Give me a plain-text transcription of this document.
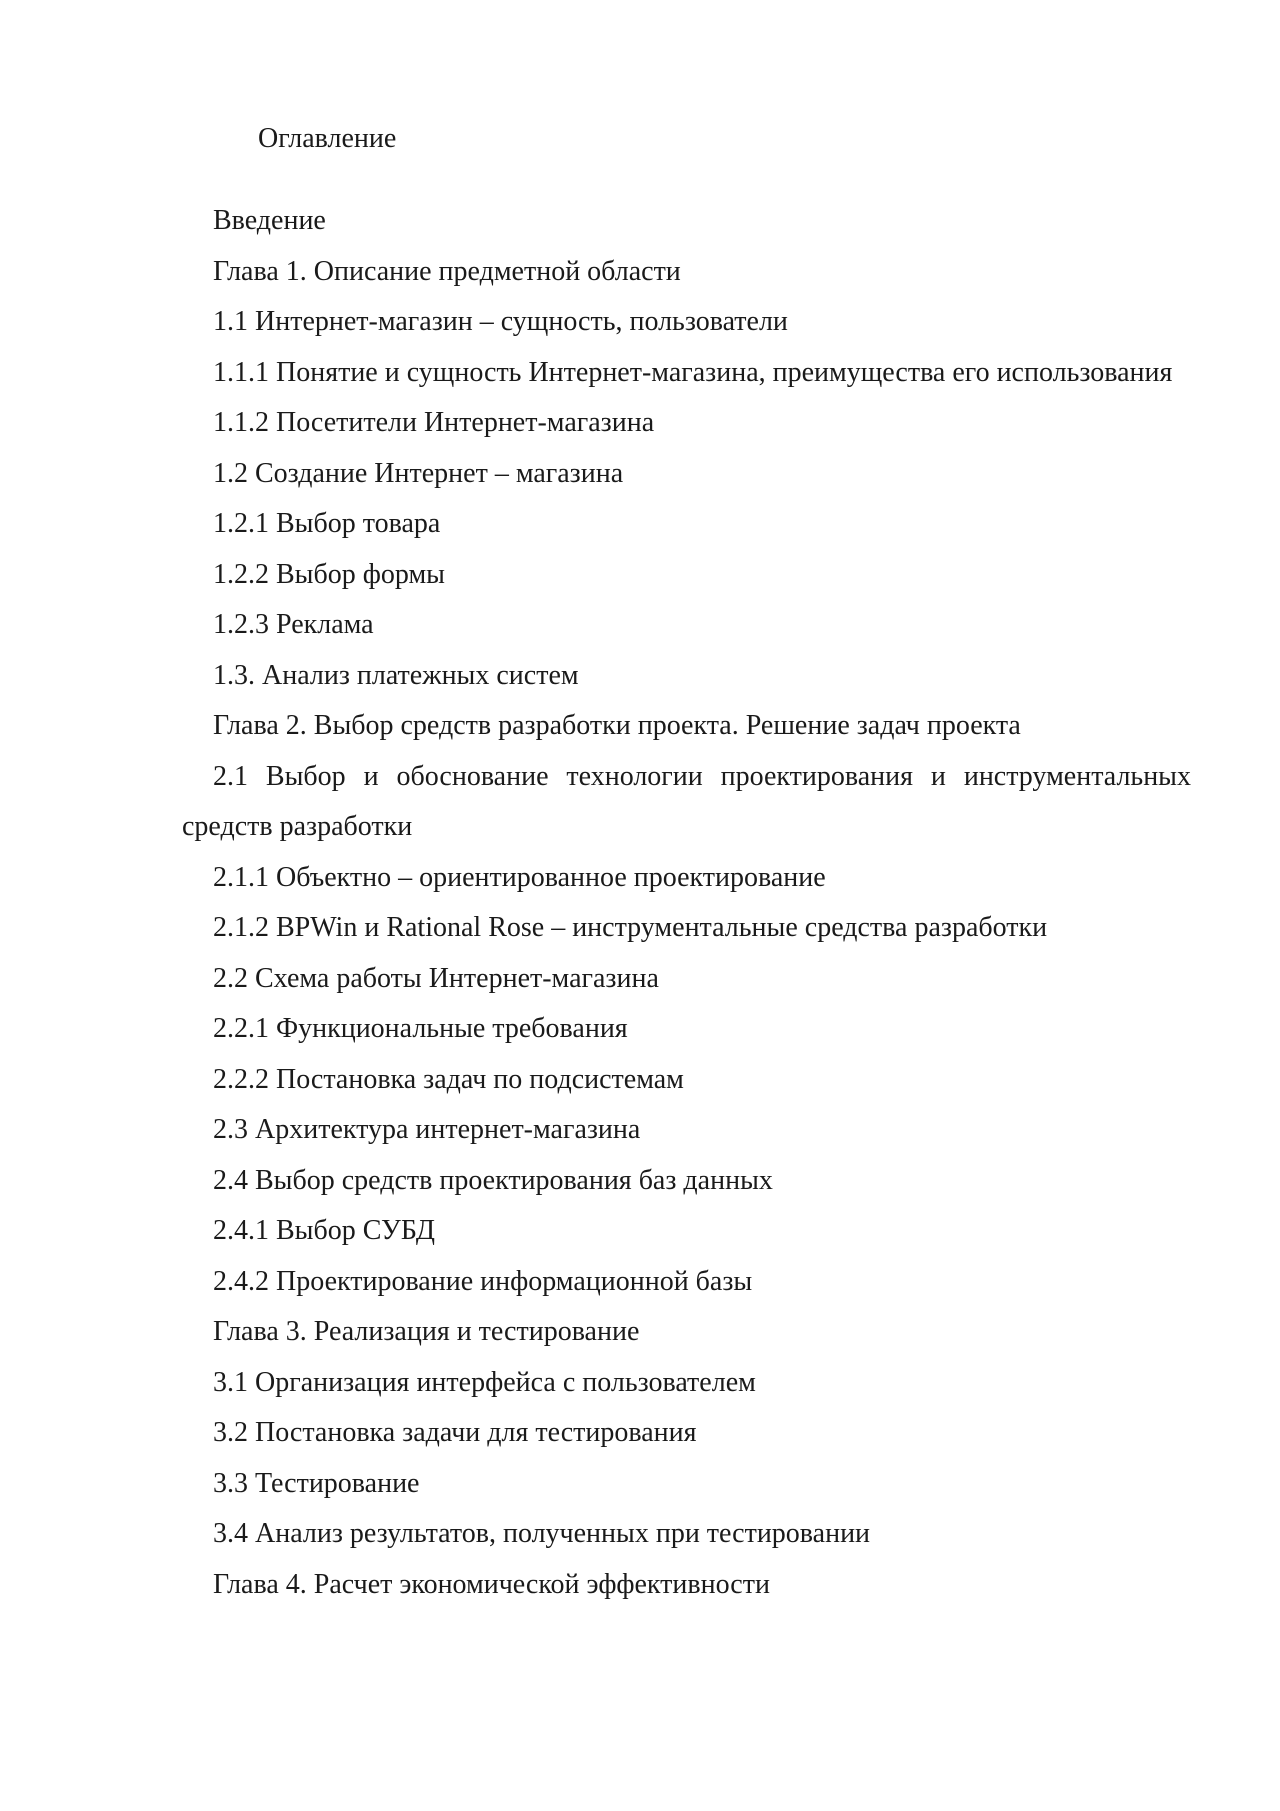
Оглавление
Введение
Глава 1. Описание предметной области
1.1 Интернет-магазин – сущность, пользователи
1.1.1 Понятие и сущность Интернет-магазина, преимущества его использования
1.1.2 Посетители Интернет-магазина
1.2 Создание Интернет – магазина
1.2.1 Выбор товара
1.2.2 Выбор формы
1.2.3 Реклама
1.3. Анализ платежных систем
Глава 2. Выбор средств разработки проекта. Решение задач проекта
2.1 Выбор и обоснование технологии проектирования и инструментальных средств разработки
2.1.1 Объектно – ориентированное проектирование
2.1.2 BPWin и Rational Rose – инструментальные средства разработки
2.2 Схема работы Интернет-магазина
2.2.1 Функциональные требования
2.2.2 Постановка задач по подсистемам
2.3 Архитектура интернет-магазина
2.4 Выбор средств проектирования баз данных
2.4.1 Выбор СУБД
2.4.2 Проектирование информационной базы
Глава 3. Реализация и тестирование
3.1 Организация интерфейса с пользователем
3.2 Постановка задачи для тестирования
3.3 Тестирование
3.4 Анализ результатов, полученных при тестировании
Глава 4. Расчет экономической эффективности
